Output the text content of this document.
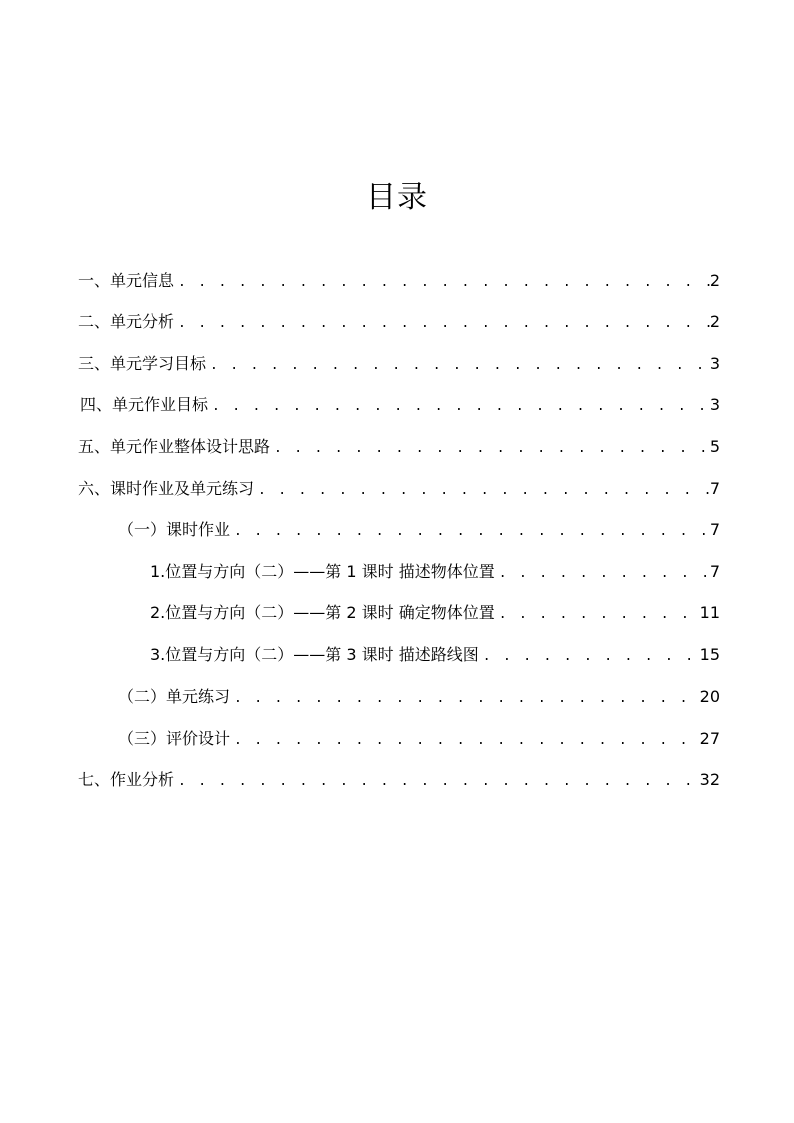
目录
一、单元信息 . . .	2
二、单元分析 . . .	2
三、单元学习目标 . . .	3
四、单元作业目标 . . .	3
五、单元作业整体设计思路 . . .	5
六、课时作业及单元练习 . . .	7
（一）课时作业 . . .	7
1.位置与方向（二）——第 1 课时 描述物体位置 . . .	7
2.位置与方向（二）——第 2 课时 确定物体位置 . . .	11
3.位置与方向（二）——第 3 课时 描述路线图 . . .	15
（二）单元练习 . . .	20
（三）评价设计 . . .	27
七、作业分析 . . .	32
